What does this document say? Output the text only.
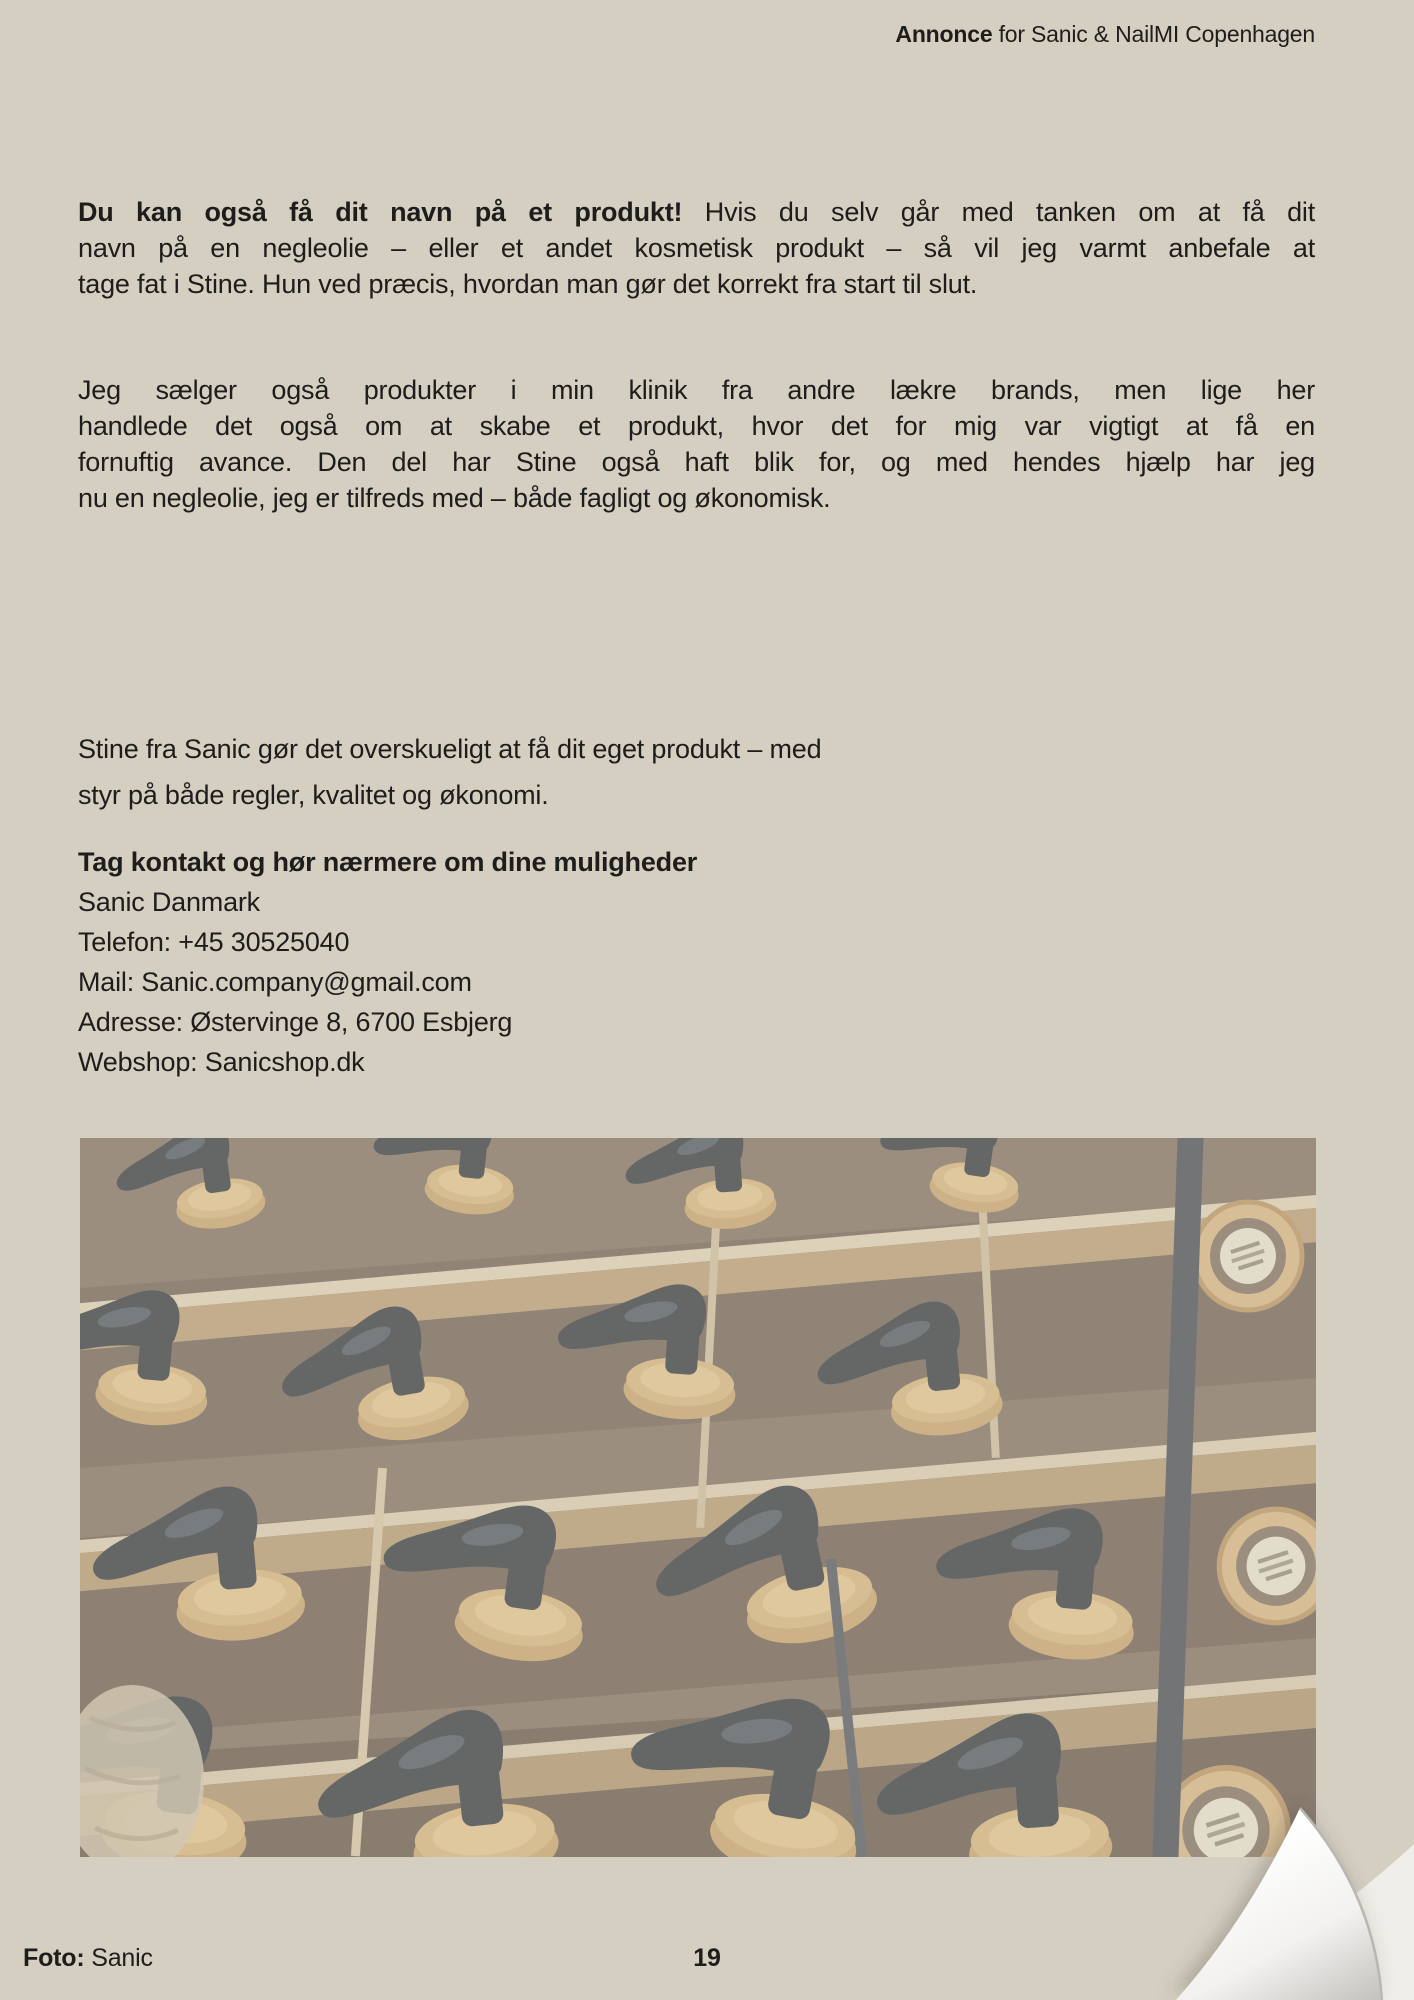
Annonce for Sanic & NailMI Copenhagen
Du kan også få dit navn på et produkt! Hvis du selv går med tanken om at få dit
navn på en negleolie – eller et andet kosmetisk produkt – så vil jeg varmt anbefale at
tage fat i Stine. Hun ved præcis, hvordan man gør det korrekt fra start til slut.
Jeg sælger også produkter i min klinik fra andre lækre brands, men lige her
handlede det også om at skabe et produkt, hvor det for mig var vigtigt at få en
fornuftig avance. Den del har Stine også haft blik for, og med hendes hjælp har jeg
nu en negleolie, jeg er tilfreds med – både fagligt og økonomisk.
Stine fra Sanic gør det overskueligt at få dit eget produkt – med
styr på både regler, kvalitet og økonomi.
Tag kontakt og hør nærmere om dine muligheder
Sanic Danmark
Telefon: +45 30525040
Mail: Sanic.company@gmail.com
Adresse: Østervinge 8, 6700 Esbjerg
Webshop: Sanicshop.dk
Foto: Sanic	19
